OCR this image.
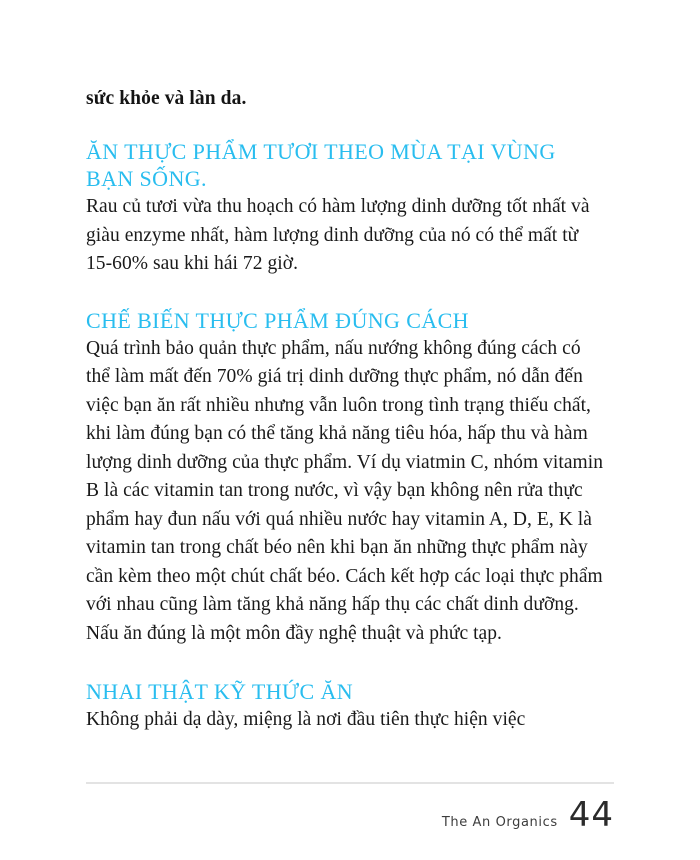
sức khỏe và làn da.

ĂN THỰC PHẨM TƯƠI THEO MÙA TẠI VÙNG BẠN SỐNG.

Rau củ tươi vừa thu hoạch có hàm lượng dinh dưỡng tốt nhất và giàu enzyme nhất, hàm lượng dinh dưỡng của nó có thể mất từ 15-60% sau khi hái 72 giờ.

CHẾ BIẾN THỰC PHẨM ĐÚNG CÁCH

Quá trình bảo quản thực phẩm, nấu nướng không đúng cách có thể làm mất đến 70% giá trị dinh dưỡng thực phẩm, nó dẫn đến việc bạn ăn rất nhiều nhưng vẫn luôn trong tình trạng thiếu chất, khi làm đúng bạn có thể tăng khả năng tiêu hóa, hấp thu và hàm lượng dinh dưỡng của thực phẩm. Ví dụ viatmin C, nhóm vitamin B là các vitamin tan trong nước, vì vậy bạn không nên rửa thực phẩm hay đun nấu với quá nhiều nước hay vitamin A, D, E, K là vitamin tan trong chất béo nên khi bạn ăn những thực phẩm này cần kèm theo một chút chất béo. Cách kết hợp các loại thực phẩm với nhau cũng làm tăng khả năng hấp thụ các chất dinh dưỡng. Nấu ăn đúng là một môn đầy nghệ thuật và phức tạp.

NHAI THẬT KỸ THỨC ĂN

Không phải dạ dày, miệng là nơi đầu tiên thực hiện việc

The An Organics 44
